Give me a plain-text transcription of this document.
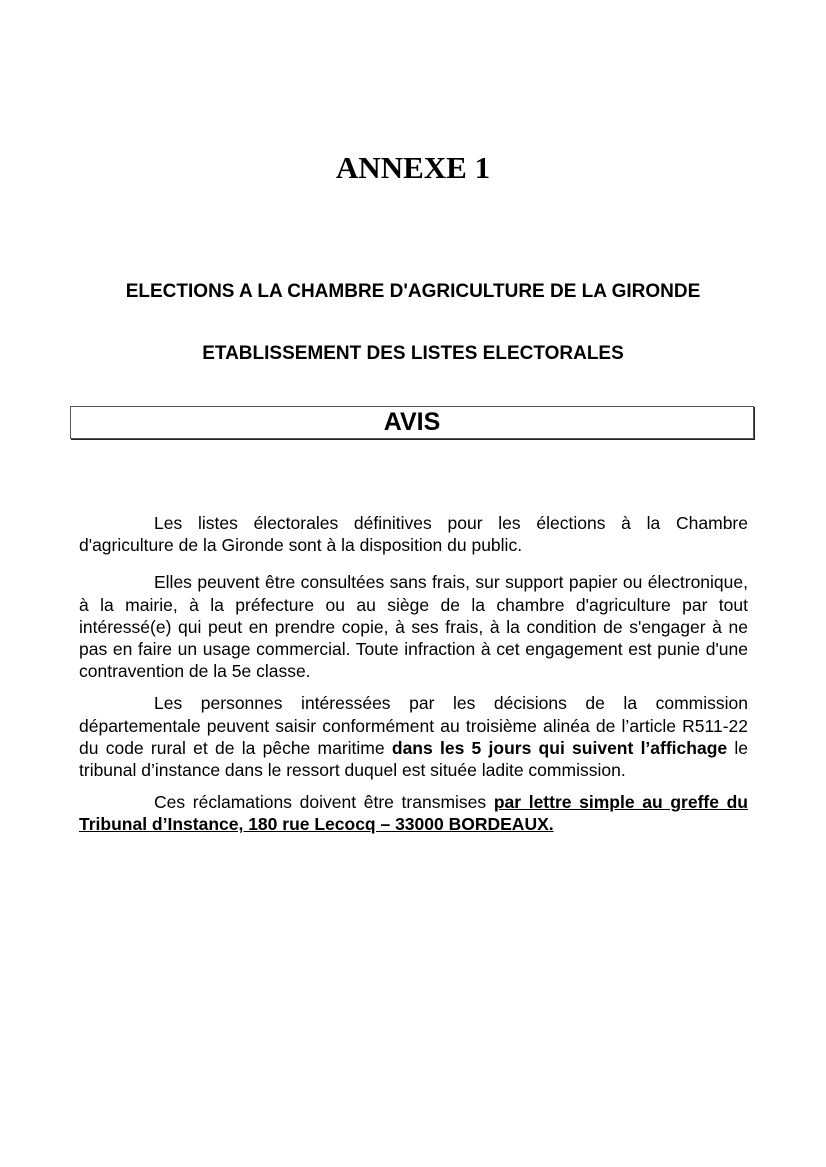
ANNEXE 1
ELECTIONS A LA CHAMBRE D'AGRICULTURE DE LA GIRONDE
ETABLISSEMENT DES LISTES ELECTORALES
AVIS

Les listes électorales définitives pour les élections à la Chambre d'agriculture de la Gironde sont à la disposition du public.

Elles peuvent être consultées sans frais, sur support papier ou électronique, à la mairie, à la préfecture ou au siège de la chambre d'agriculture par tout intéressé(e) qui peut en prendre copie, à ses frais, à la condition de s'engager à ne pas en faire un usage commercial. Toute infraction à cet engagement est punie d'une contravention de la 5e classe.

Les personnes intéressées par les décisions de la commission départementale peuvent saisir conformément au troisième alinéa de l’article R511-22 du code rural et de la pêche maritime dans les 5 jours qui suivent l’affichage le tribunal d’instance dans le ressort duquel est située ladite commission.

Ces réclamations doivent être transmises par lettre simple au greffe du Tribunal d’Instance, 180 rue Lecocq – 33000 BORDEAUX.
